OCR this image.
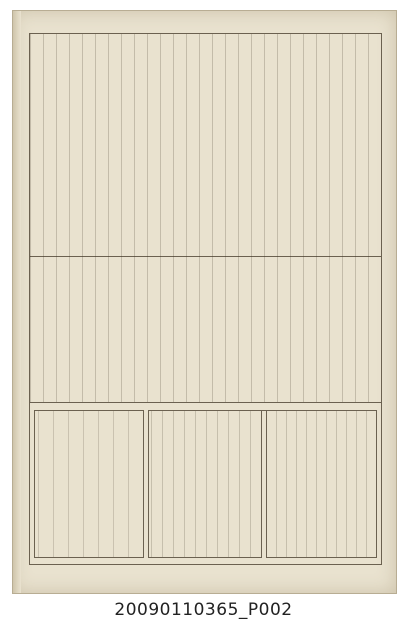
20090110365_P002
